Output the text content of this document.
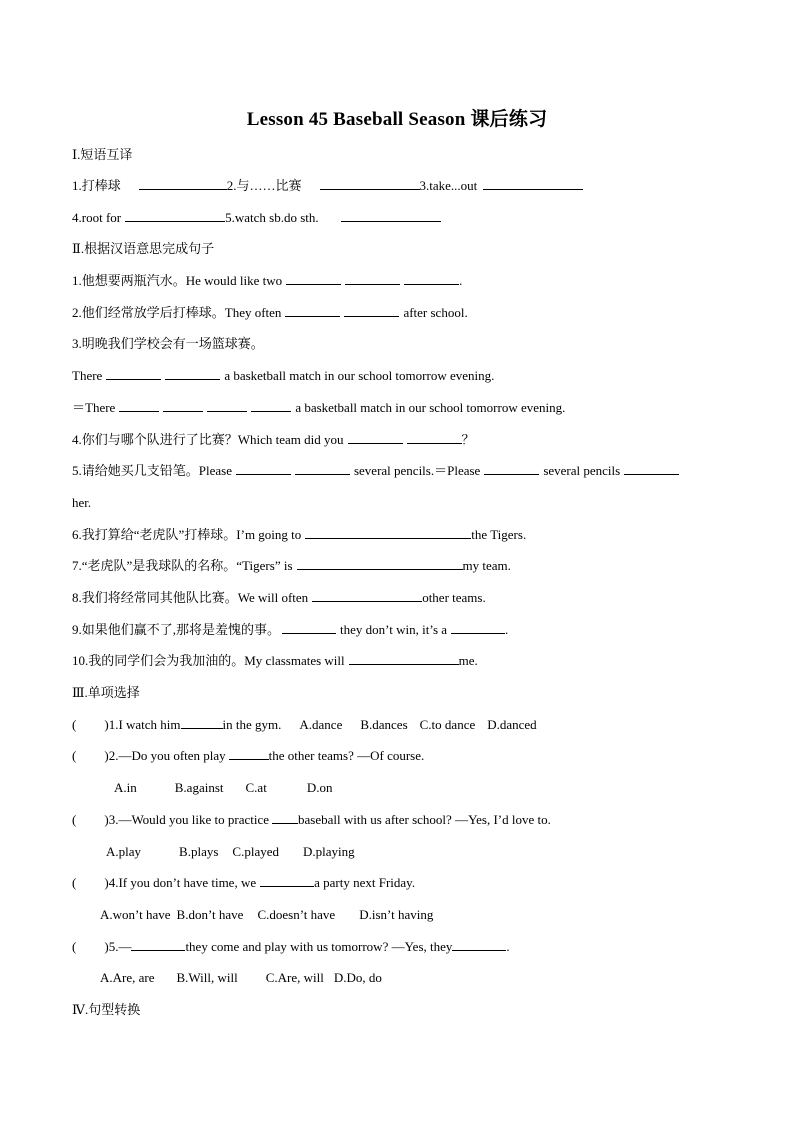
Lesson 45 Baseball Season 课后练习
Ⅰ.短语互译
1.打棒球	2.与……比赛	3.take...out
4.root for	5.watch sb.do sth.
Ⅱ.根据汉语意思完成句子
1.他想要两瓶汽水。He would like two	.
2.他们经常放学后打棒球。They often	after school.
3.明晚我们学校会有一场篮球赛。
There	a basketball match in our school tomorrow evening.
＝There	a basketball match in our school tomorrow evening.
4.你们与哪个队进行了比赛？Which team did you	？
5.请给她买几支铅笔。Please	several pencils.＝Please	several pencils
her.
6.我打算给“老虎队”打棒球。I’m going to	the Tigers.
7.“老虎队”是我球队的名称。“Tigers” is	my team.
8.我们将经常同其他队比赛。We will often	other teams.
9.如果他们赢不了,那将是羞愧的事。	they don’t win, it’s a	.
10.我的同学们会为我加油的。My classmates will	me.
Ⅲ.单项选择
( )1.I watch him	in the gym. A.dance B.dances C.to dance D.danced
( )2.—Do you often play	the other teams? —Of course.
A.in	B.against C.at	D.on
( )3.—Would you like to practice baseball with us after school? —Yes, I’d love to.
A.play	B.plays C.played D.playing
( )4.If you don’t have time, we	a party next Friday.
A.won’t have B.don’t have C.doesn’t have D.isn’t having
( )5.—	they come and play with us tomorrow? —Yes, they	.
A.Are, are B.Will, will C.Are, will D.Do, do
Ⅳ.句型转换
